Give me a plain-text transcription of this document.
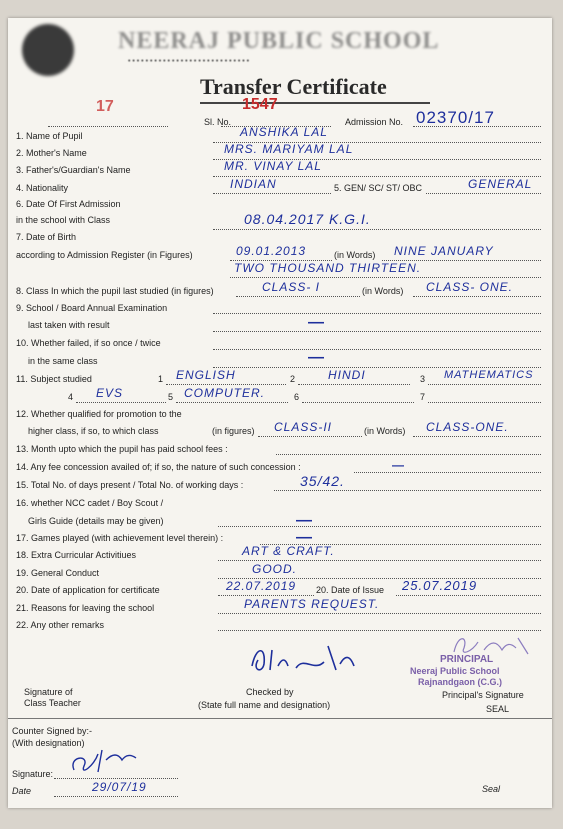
NEERAJ PUBLIC SCHOOL
• • • • • • • • • • • • • • • • • • • • • • • • • • • •
Transfer Certificate
17	1547
Sl. No.	Admission No. 02370/17
1. Name of Pupil	ANSHIKA LAL
2. Mother's Name	MRS. MARIYAM LAL
3. Father's/Guardian's Name	MR. VINAY LAL
4. Nationality	INDIAN	5. GEN/ SC/ ST/ OBC	GENERAL
6. Date Of First Admission
in the school with Class	08.04.2017 K.G.I.
7. Date of Birth
according to Admission Register (in Figures)	09.01.2013	(in Words) NINE JANUARY
TWO THOUSAND THIRTEEN.
8. Class In which the pupil last studied (in figures)	CLASS- I	(in Words) CLASS- ONE.
9. School / Board Annual Examination
last taken with result	—
10. Whether failed, if so once / twice
in the same class	—
11. Subject studied	1 ENGLISH	2	HINDI	3 MATHEMATICS
4 EVS	5 COMPUTER.	6	7
12. Whether qualified for promotion to the
higher class, if so, to which class	(in figures) CLASS-II	(in Words) CLASS-ONE.
13. Month upto which the pupil has paid school fees :
14. Any fee concession availed of; if so, the nature of such concession :	—
15. Total No. of days present / Total No. of working days :	35/42.
16. whether NCC cadet / Boy Scout /
Girls Guide (details may be given)	—
17. Games played (with achievement level therein) :	—
18. Extra Curricular Activitiues	ART & CRAFT.
19. General Conduct	GOOD.
20. Date of application for certificate	22.07.2019 20. Date of Issue 25.07.2019
21. Reasons for leaving the school	PARENTS REQUEST.
22. Any other remarks
PRINCIPAL
Neeraj Public School
Rajnandgaon (C.G.)
Signature of
Class Teacher
Checked by
(State full name and designation)
Principal's Signature
SEAL
Counter Signed by:-
(With designation)
Signature:
Date	29/07/19	Seal
